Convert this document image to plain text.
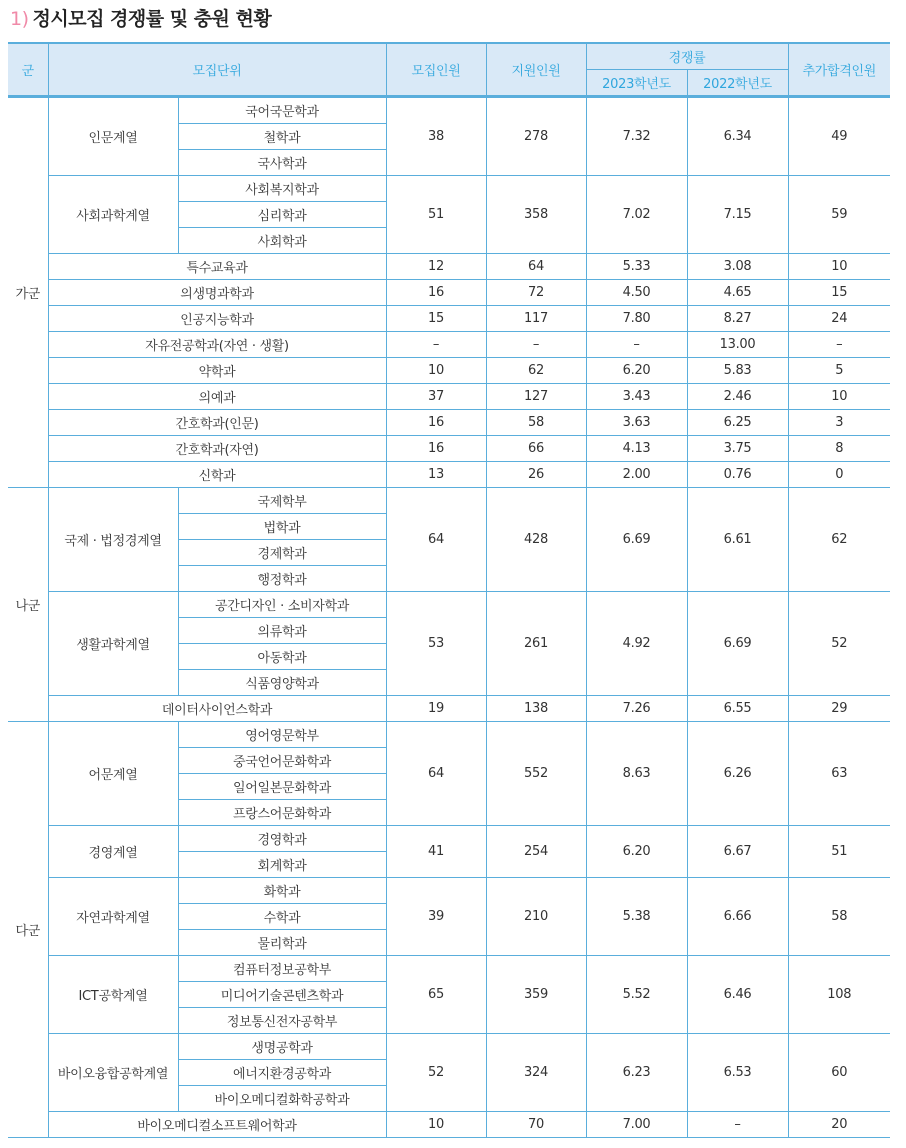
1) 정시모집 경쟁률 및 충원 현황
군	모집단위		모집인원	지원인원	경쟁률		추가합격인원
					2023학년도	2022학년도	
가군	인문계열	국어국문학과	38	278	7.32	6.34	49
		철학과					
		국사학과					
	사회과학계열	사회복지학과	51	358	7.02	7.15	59
		심리학과					
		사회학과					
	특수교육과		12	64	5.33	3.08	10
	의생명과학과		16	72	4.50	4.65	15
	인공지능학과		15	117	7.80	8.27	24
	자유전공학과(자연 · 생활)		–	–	–	13.00	–
	약학과		10	62	6.20	5.83	5
	의예과		37	127	3.43	2.46	10
	간호학과(인문)		16	58	3.63	6.25	3
	간호학과(자연)		16	66	4.13	3.75	8
	신학과		13	26	2.00	0.76	0
나군	국제 · 법정경계열	국제학부	64	428	6.69	6.61	62
		법학과					
		경제학과					
		행정학과					
	생활과학계열	공간디자인 · 소비자학과	53	261	4.92	6.69	52
		의류학과					
		아동학과					
		식품영양학과					
	데이터사이언스학과		19	138	7.26	6.55	29
다군	어문계열	영어영문학부	64	552	8.63	6.26	63
		중국언어문화학과					
		일어일본문화학과					
		프랑스어문화학과					
	경영계열	경영학과	41	254	6.20	6.67	51
		회계학과					
	자연과학계열	화학과	39	210	5.38	6.66	58
		수학과					
		물리학과					
	ICT공학계열	컴퓨터정보공학부	65	359	5.52	6.46	108
		미디어기술콘텐츠학과					
		정보통신전자공학부					
	바이오융합공학계열	생명공학과	52	324	6.23	6.53	60
		에너지환경공학과					
		바이오메디컬화학공학과					
	바이오메디컬소프트웨어학과		10	70	7.00	–	20
